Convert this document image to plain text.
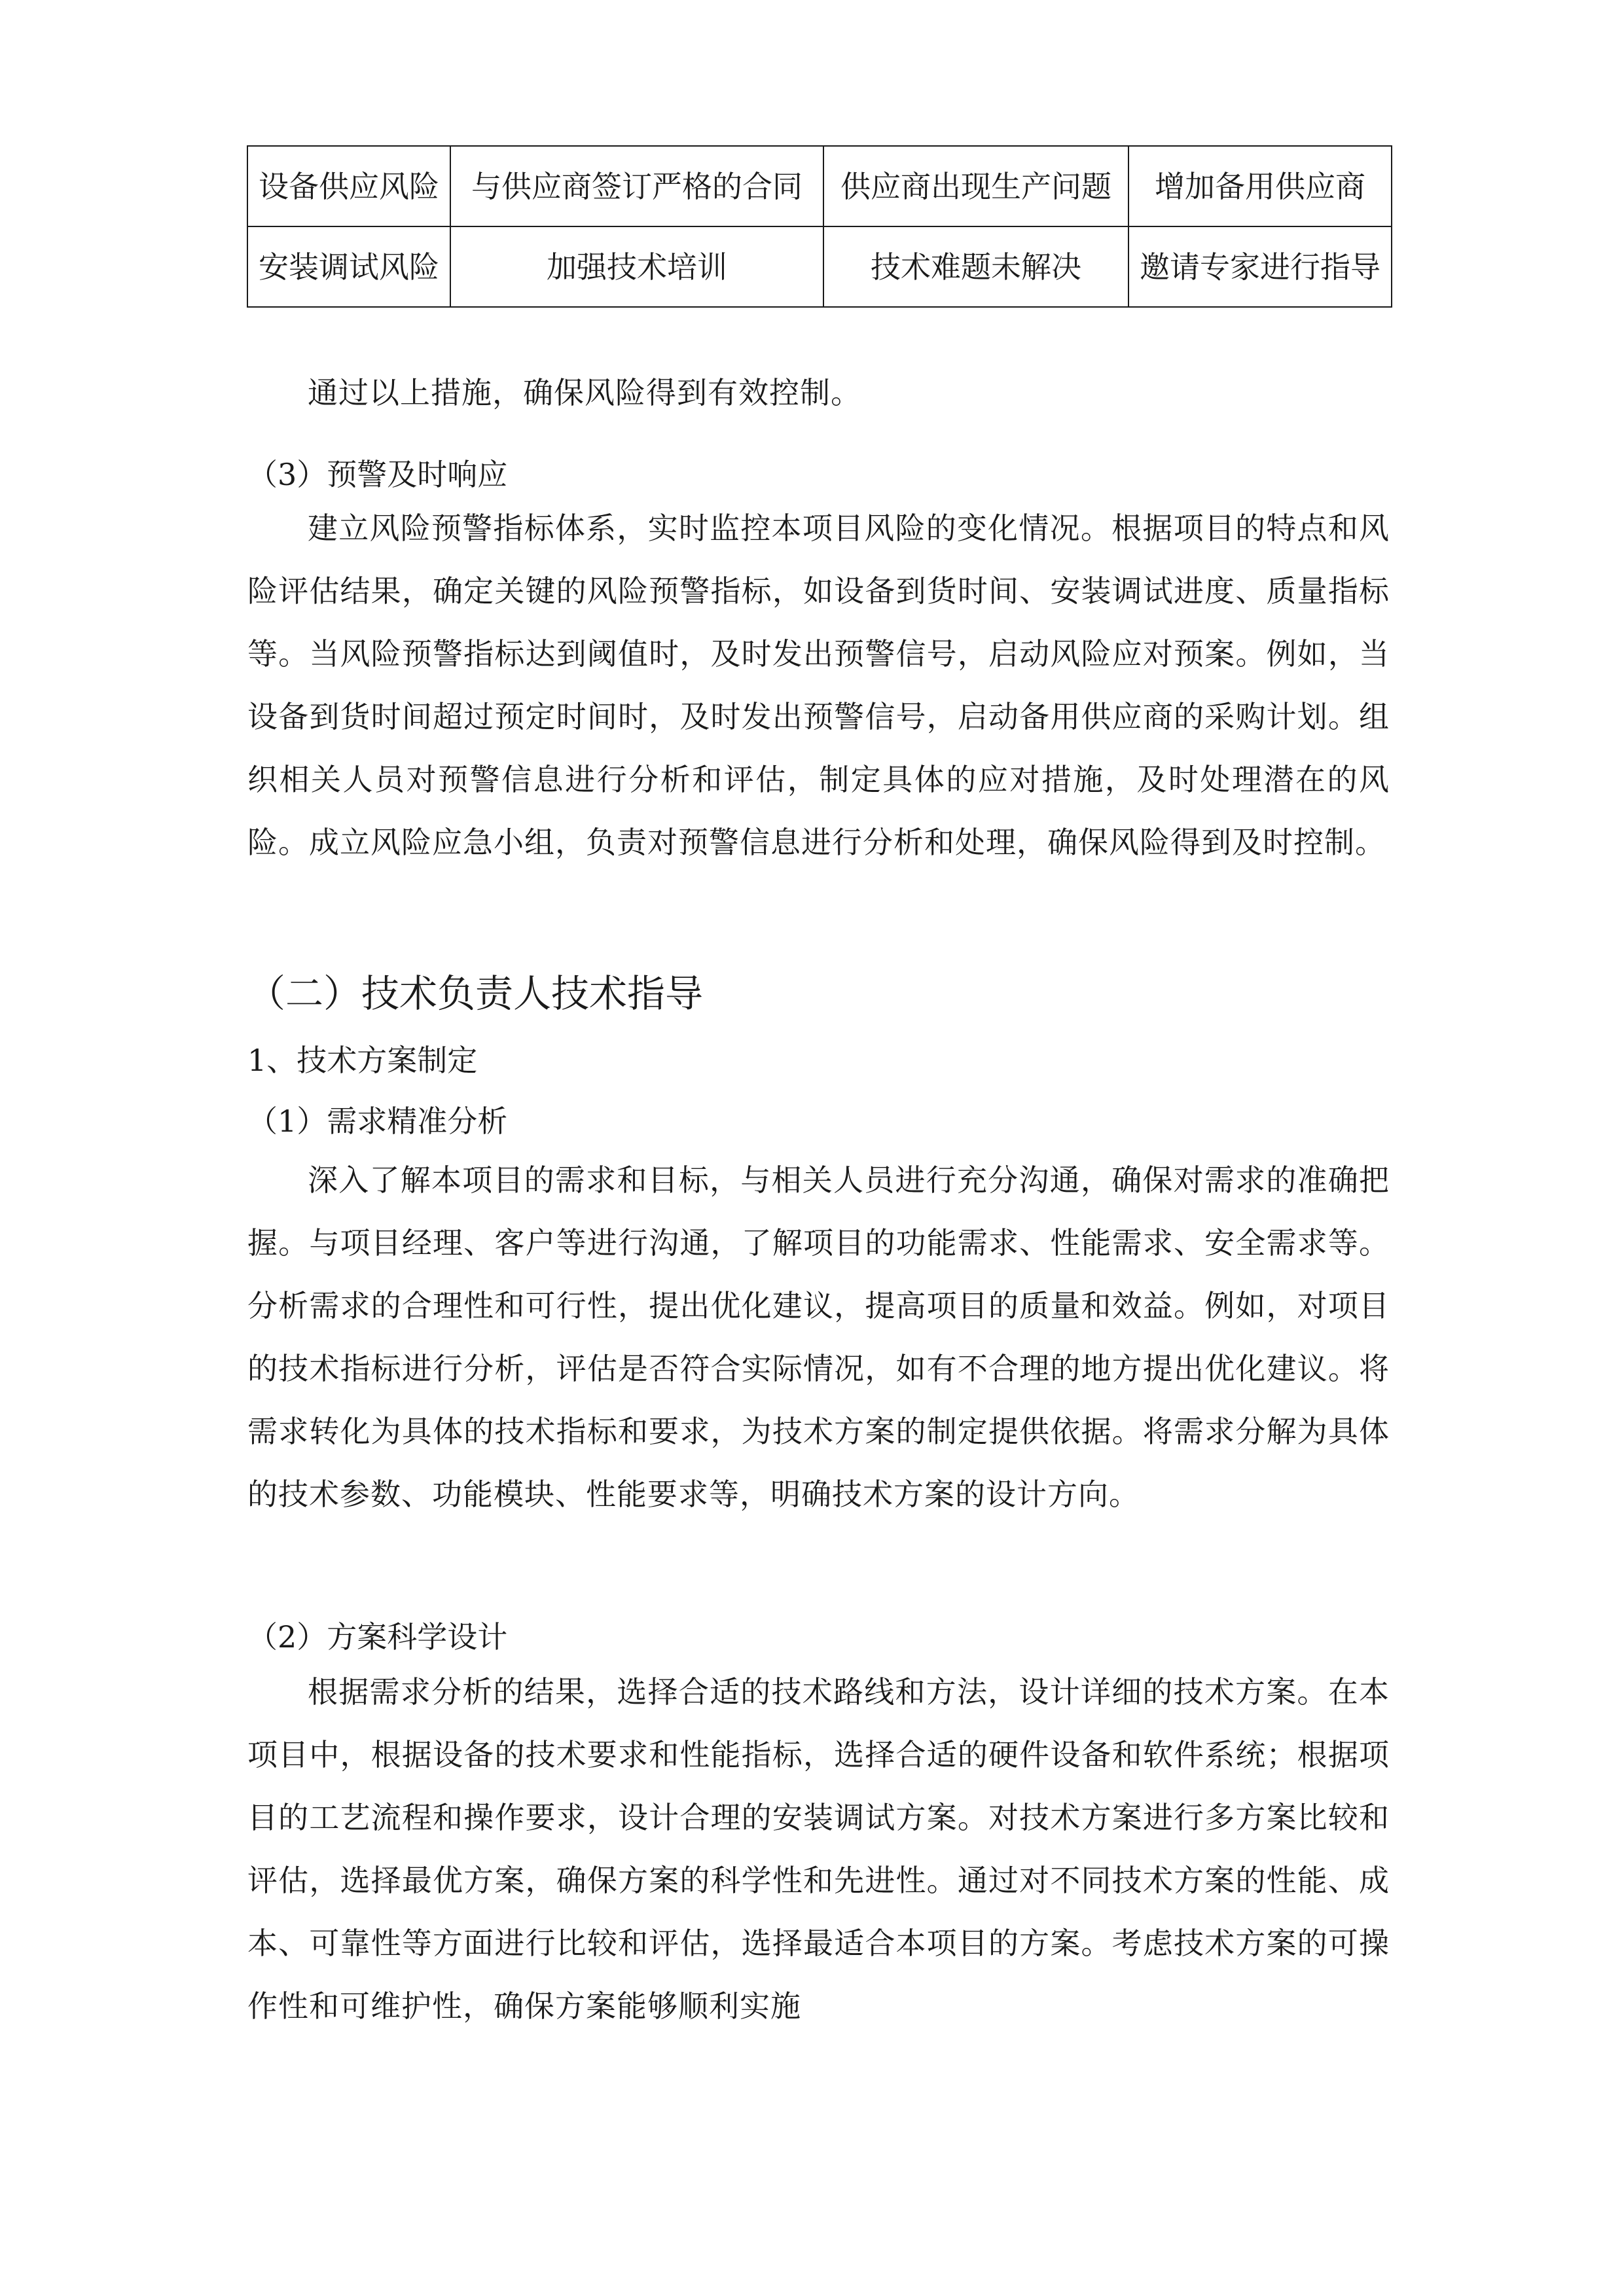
设备供应风险	与供应商签订严格的合同	供应商出现生产问题	增加备用供应商
安装调试风险	加强技术培训	技术难题未解决	邀请专家进行指导

通过以上措施，确保风险得到有效控制。

（3）预警及时响应

建立风险预警指标体系，实时监控本项目风险的变化情况。根据项目的特点和风险评估结果，确定关键的风险预警指标，如设备到货时间、安装调试进度、质量指标等。当风险预警指标达到阈值时，及时发出预警信号，启动风险应对预案。例如，当设备到货时间超过预定时间时，及时发出预警信号，启动备用供应商的采购计划。组织相关人员对预警信息进行分析和评估，制定具体的应对措施，及时处理潜在的风险。成立风险应急小组，负责对预警信息进行分析和处理，确保风险得到及时控制。

（二）技术负责人技术指导

1、技术方案制定

（1）需求精准分析

深入了解本项目的需求和目标，与相关人员进行充分沟通，确保对需求的准确把握。与项目经理、客户等进行沟通，了解项目的功能需求、性能需求、安全需求等。分析需求的合理性和可行性，提出优化建议，提高项目的质量和效益。例如，对项目的技术指标进行分析，评估是否符合实际情况，如有不合理的地方提出优化建议。将需求转化为具体的技术指标和要求，为技术方案的制定提供依据。将需求分解为具体的技术参数、功能模块、性能要求等，明确技术方案的设计方向。

（2）方案科学设计

根据需求分析的结果，选择合适的技术路线和方法，设计详细的技术方案。在本项目中，根据设备的技术要求和性能指标，选择合适的硬件设备和软件系统；根据项目的工艺流程和操作要求，设计合理的安装调试方案。对技术方案进行多方案比较和评估，选择最优方案，确保方案的科学性和先进性。通过对不同技术方案的性能、成本、可靠性等方面进行比较和评估，选择最适合本项目的方案。考虑技术方案的可操作性和可维护性，确保方案能够顺利实施
